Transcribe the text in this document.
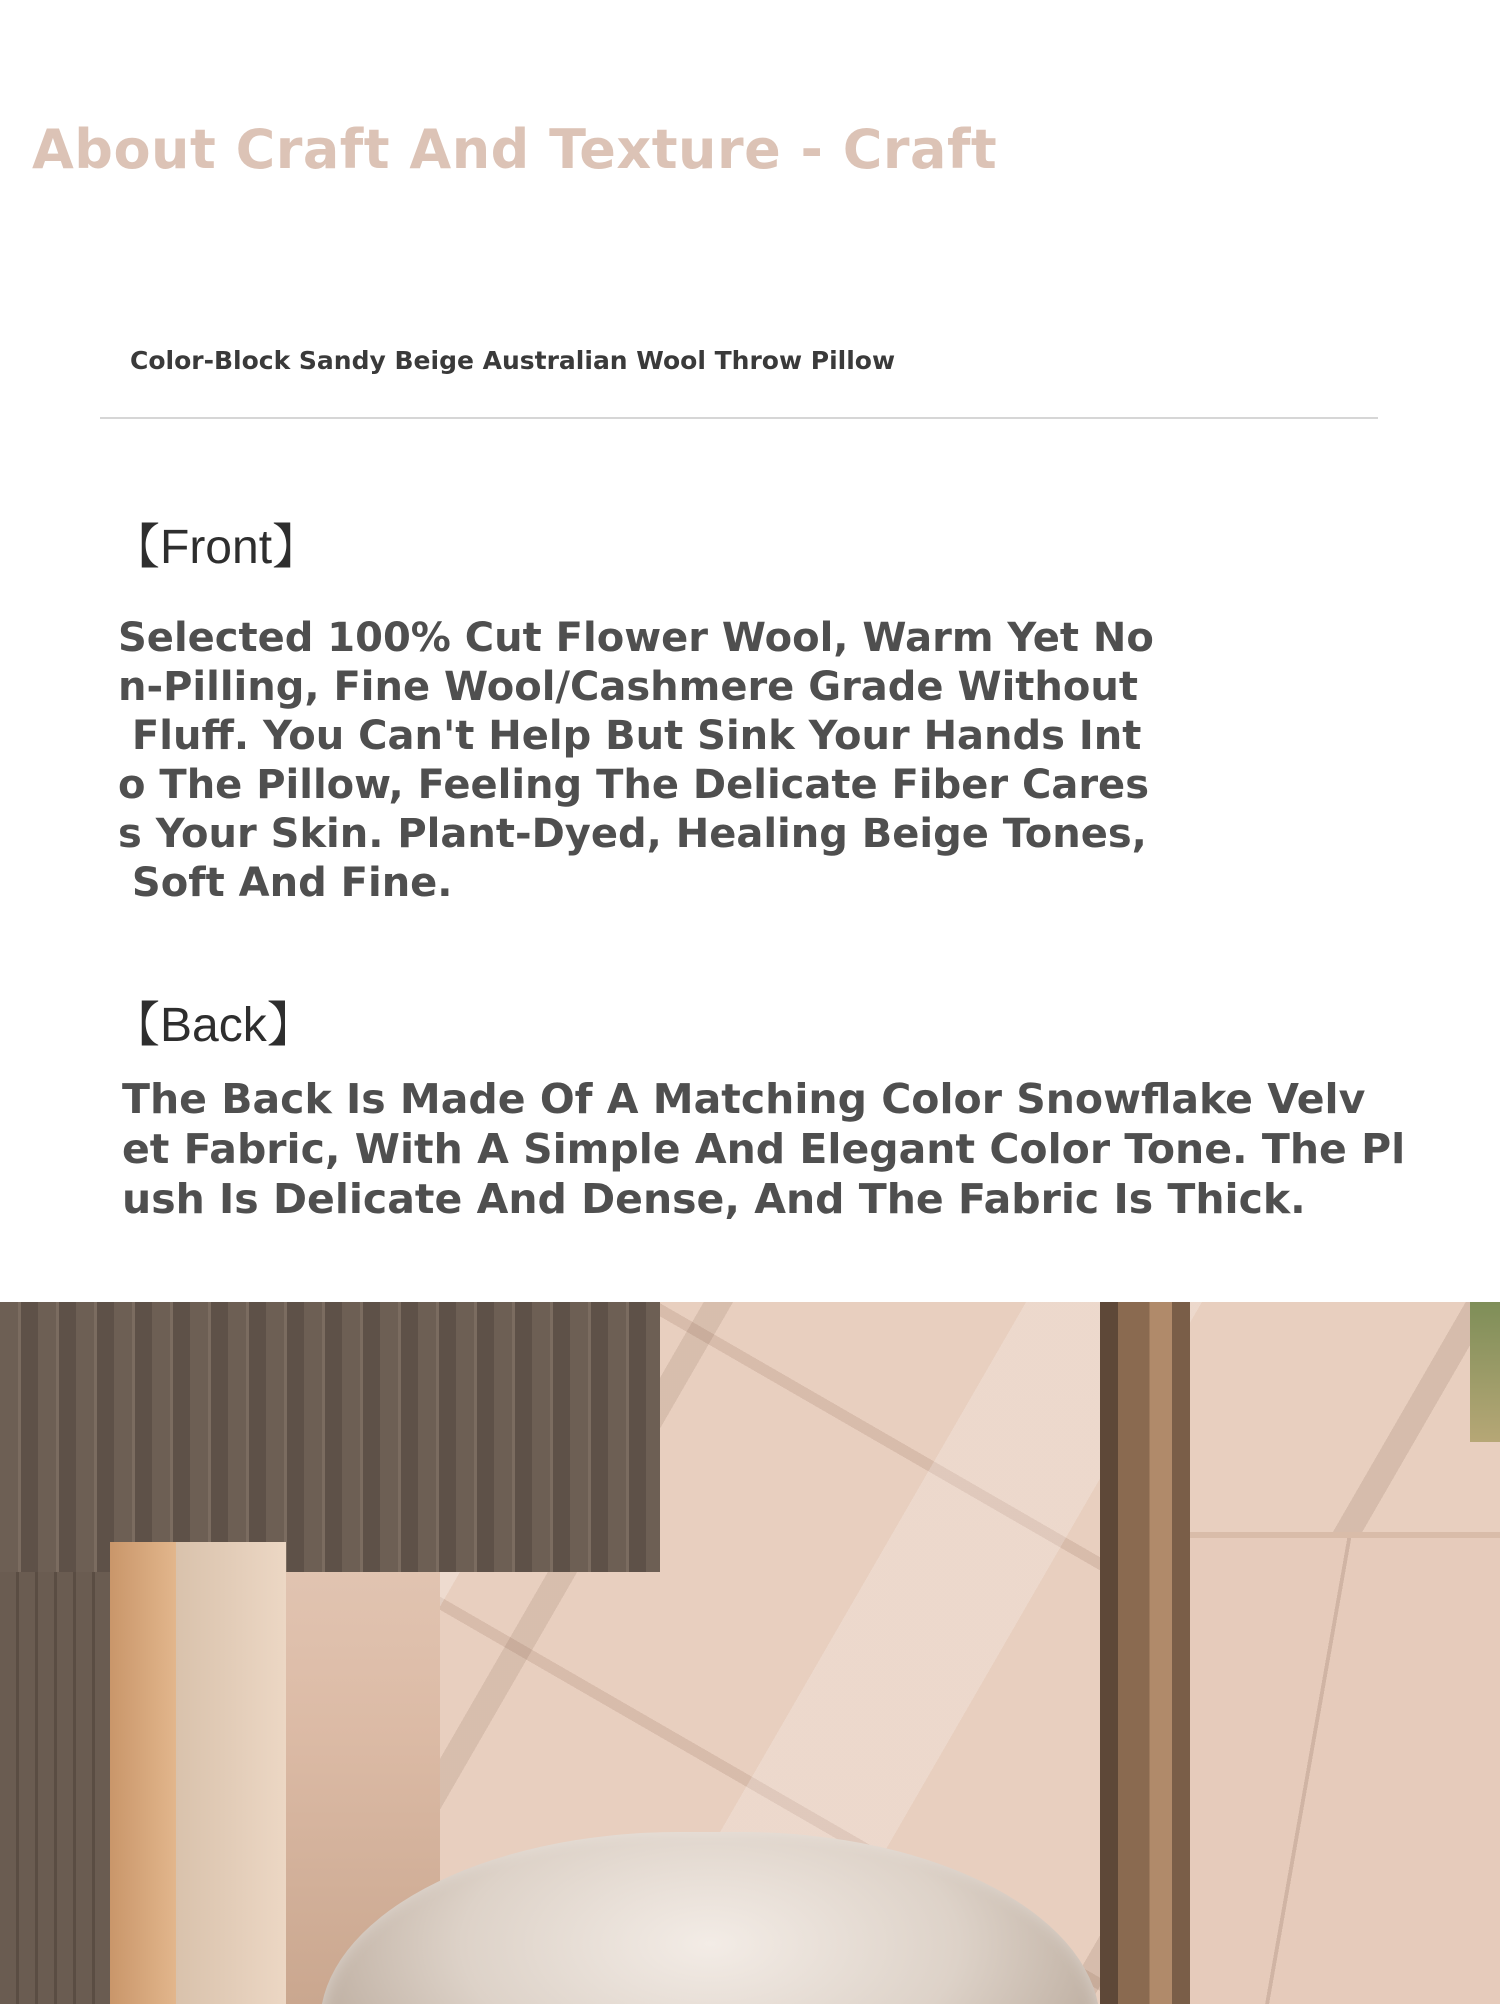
About Craft And Texture - Craft
Color-Block Sandy Beige Australian Wool Throw Pillow
【Front】

Selected 100% Cut Flower Wool, Warm Yet No
n-Pilling, Fine Wool/Cashmere Grade Without
Fluff. You Can't Help But Sink Your Hands Int
o The Pillow, Feeling The Delicate Fiber Cares
s Your Skin. Plant-Dyed, Healing Beige Tones,
Soft And Fine.

【Back】

The Back Is Made Of A Matching Color Snowflake Velv
et Fabric, With A Simple And Elegant Color Tone. The Pl
ush Is Delicate And Dense, And The Fabric Is Thick.
